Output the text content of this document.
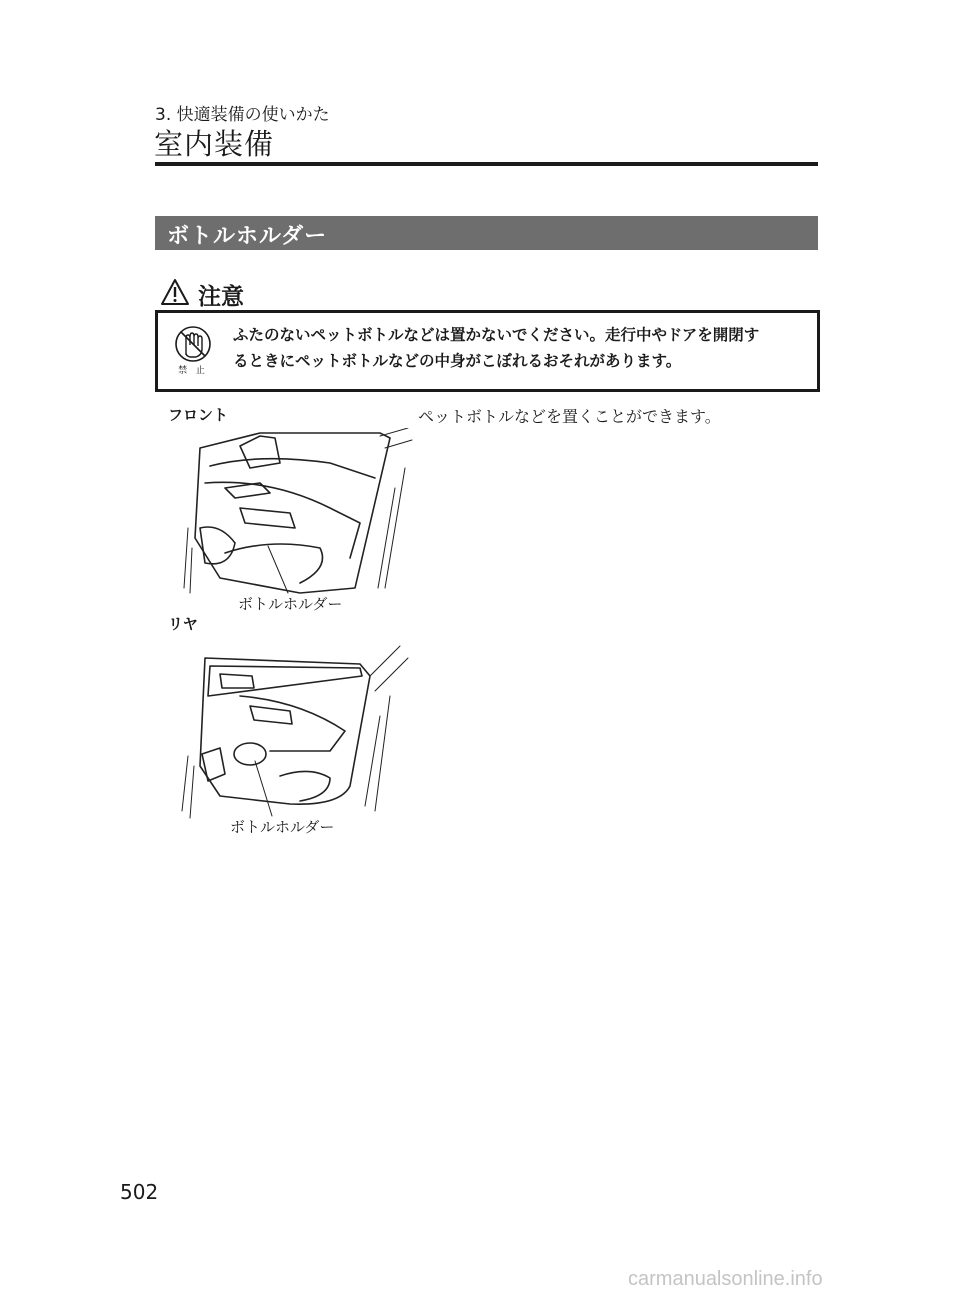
3. 快適装備の使いかた
室内装備
ボトルホルダー
注意
禁 止
ふたのないペットボトルなどは置かないでください。走行中やドアを開閉す
るときにペットボトルなどの中身がこぼれるおそれがあります。
フロント	ペットボトルなどを置くことができます。
ボトルホルダー
リヤ
ボトルホルダー
502
carmanualsonline.info
